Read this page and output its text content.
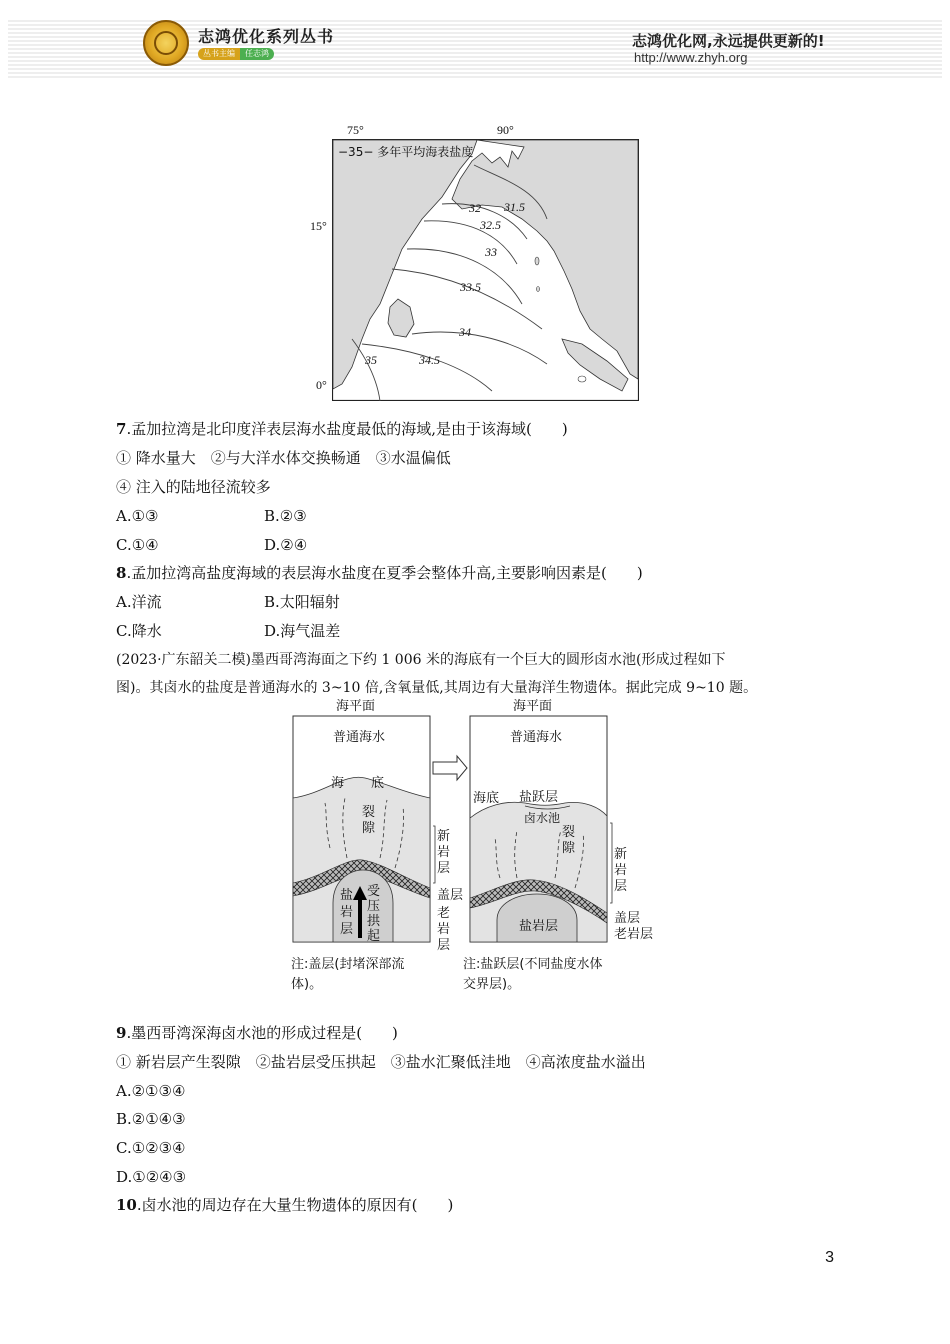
志鸿优化系列丛书
丛书主编 任志鸿
志鸿优化网,永远提供更新的!
http://www.zhyh.org
75°	90°
15°
0°
31.5
32
32.5
33
33.5
34
34.5
35
−35− 多年平均海表盐度
7.孟加拉湾是北印度洋表层海水盐度最低的海域,是由于该海域(　　)
① 降水量大　②与大洋水体交换畅通　③水温偏低
④ 注入的陆地径流较多
A.①③	B.②③
C.①④	D.②④
8.孟加拉湾高盐度海域的表层海水盐度在夏季会整体升高,主要影响因素是(　　)
A.洋流	B.太阳辐射
C.降水	D.海气温差
(2023·广东韶关二模)墨西哥湾海面之下约 1 006 米的海底有一个巨大的圆形卤水池(形成过程如下
图)。其卤水的盐度是普通海水的 3~10 倍,含氧量低,其周边有大量海洋生物遗体。据此完成 9~10 题。
海平面
普通海水
海 底
裂
隙
盐
岩
层
受
压
拱
起
新
岩
层
盖层
老
岩
层
海平面
普通海水
海底 盐跃层
卤水池
裂
隙
盐岩层
新
岩
层
盖层
老岩层
注:盖层(封堵深部流
体)。
注:盐跃层(不同盐度水体
交界层)。
9.墨西哥湾深海卤水池的形成过程是(　　)
① 新岩层产生裂隙　②盐岩层受压拱起　③盐水汇聚低洼地　④高浓度盐水溢出
A.②①③④
B.②①④③
C.①②③④
D.①②④③
10.卤水池的周边存在大量生物遗体的原因有(　　)
3
